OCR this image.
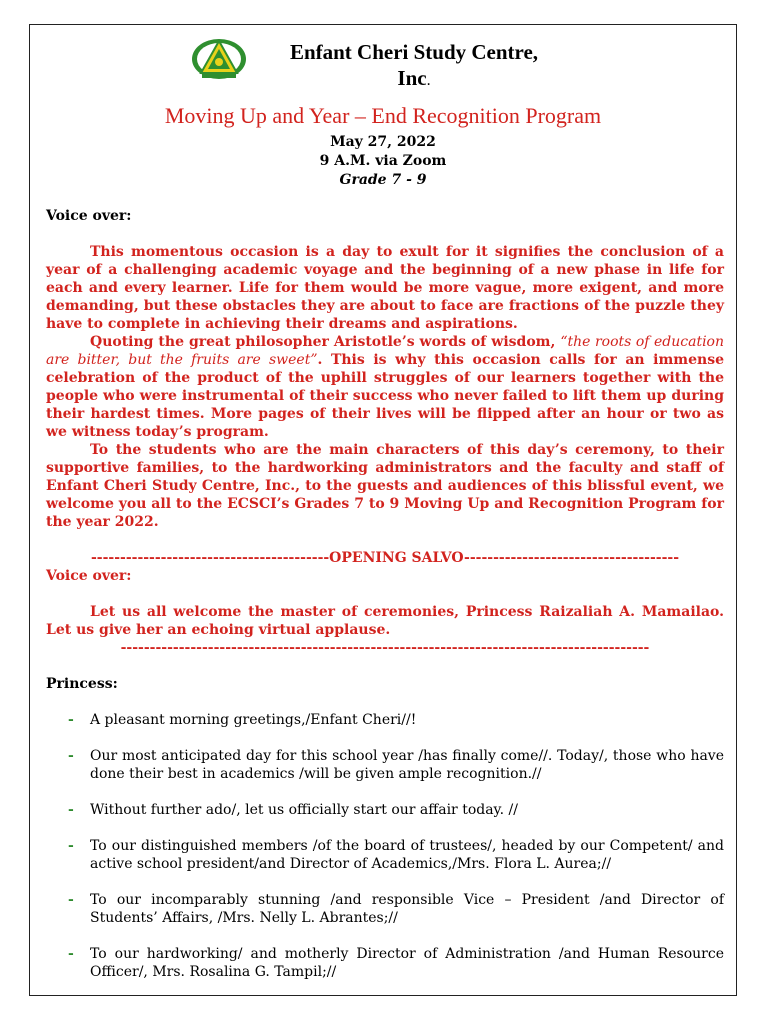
Enfant Cheri Study Centre,
Inc.
Moving Up and Year – End Recognition Program
May 27, 2022
9 A.M. via Zoom
Grade 7 - 9

Voice over:

This momentous occasion is a day to exult for it signifies the conclusion of a year of a challenging academic voyage and the beginning of a new phase in life for each and every learner. Life for them would be more vague, more exigent, and more demanding, but these obstacles they are about to face are fractions of the puzzle they have to complete in achieving their dreams and aspirations.

Quoting the great philosopher Aristotle’s words of wisdom, “the roots of education are bitter, but the fruits are sweet”. This is why this occasion calls for an immense celebration of the product of the uphill struggles of our learners together with the people who were instrumental of their success who never failed to lift them up during their hardest times. More pages of their lives will be flipped after an hour or two as we witness today’s program.

To the students who are the main characters of this day’s ceremony, to their supportive families, to the hardworking administrators and the faculty and staff of Enfant Cheri Study Centre, Inc., to the guests and audiences of this blissful event, we welcome you all to the ECSCI’s Grades 7 to 9 Moving Up and Recognition Program for the year 2022.

-----------------------------------------OPENING SALVO-------------------------------------

Voice over:

Let us all welcome the master of ceremonies, Princess Raizaliah A. Mamailao. Let us give her an echoing virtual applause.

-------------------------------------------------------------------------------------------

Princess:

- A pleasant morning greetings,/Enfant Cheri//!
- Our most anticipated day for this school year /has finally come//. Today/, those who have done their best in academics /will be given ample recognition.//
- Without further ado/, let us officially start our affair today. //
- To our distinguished members /of the board of trustees/, headed by our Competent/ and active school president/and Director of Academics,/Mrs. Flora L. Aurea;//
- To our incomparably stunning /and responsible Vice – President /and Director of Students’ Affairs, /Mrs. Nelly L. Abrantes;//
- To our hardworking/ and motherly Director of Administration /and Human Resource Officer/, Mrs. Rosalina G. Tampil;//
